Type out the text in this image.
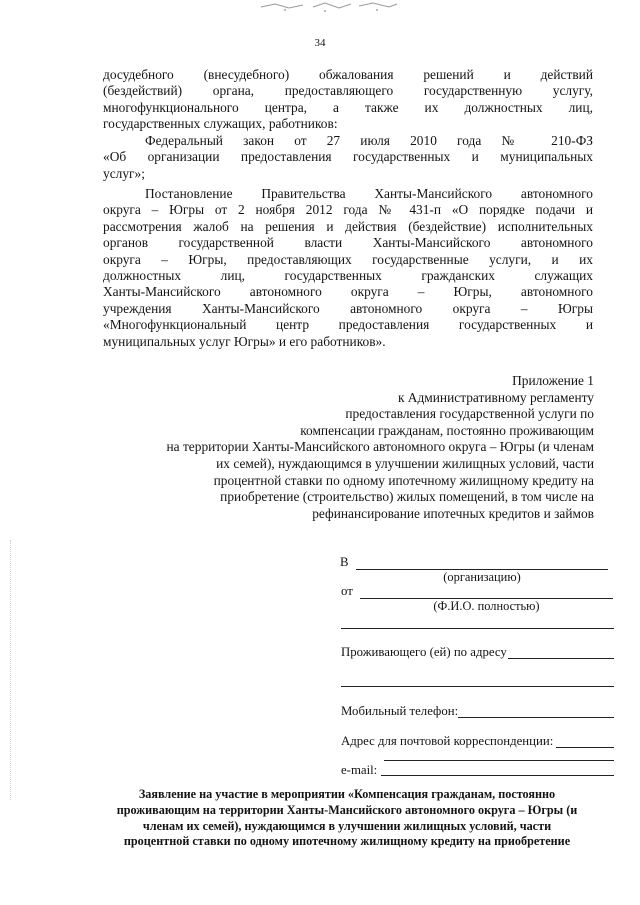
34
досудебного (внесудебного) обжалования решений и действий
(бездействий) органа, предоставляющего государственную услугу,
многофункционального центра, а также их должностных лиц,
государственных служащих, работников:
Федеральный закон от 27 июля 2010 года № 210-ФЗ
«Об организации предоставления государственных и муниципальных
услуг»;
Постановление Правительства Ханты-Мансийского автономного
округа – Югры от 2 ноября 2012 года № 431-п «О порядке подачи и
рассмотрения жалоб на решения и действия (бездействие) исполнительных
органов государственной власти Ханты-Мансийского автономного
округа – Югры, предоставляющих государственные услуги, и их
должностных лиц, государственных гражданских служащих
Ханты-Мансийского автономного округа – Югры, автономного
учреждения Ханты-Мансийского автономного округа – Югры
«Многофункциональный центр предоставления государственных и
муниципальных услуг Югры» и его работников».
Приложение 1
к Административному регламенту
предоставления государственной услуги по
компенсации гражданам, постоянно проживающим
на территории Ханты-Мансийского автономного округа – Югры (и членам
их семей), нуждающимся в улучшении жилищных условий, части
процентной ставки по одному ипотечному жилищному кредиту на
приобретение (строительство) жилых помещений, в том числе на
рефинансирование ипотечных кредитов и займов
В
(организацию)
от
(Ф.И.О. полностью)
Проживающего (ей) по адресу
Мобильный телефон:
Адрес для почтовой корреспонденции:
e-mail:
Заявление на участие в мероприятии «Компенсация гражданам, постоянно
проживающим на территории Ханты-Мансийского автономного округа – Югры (и
членам их семей), нуждающимся в улучшении жилищных условий, части
процентной ставки по одному ипотечному жилищному кредиту на приобретение
